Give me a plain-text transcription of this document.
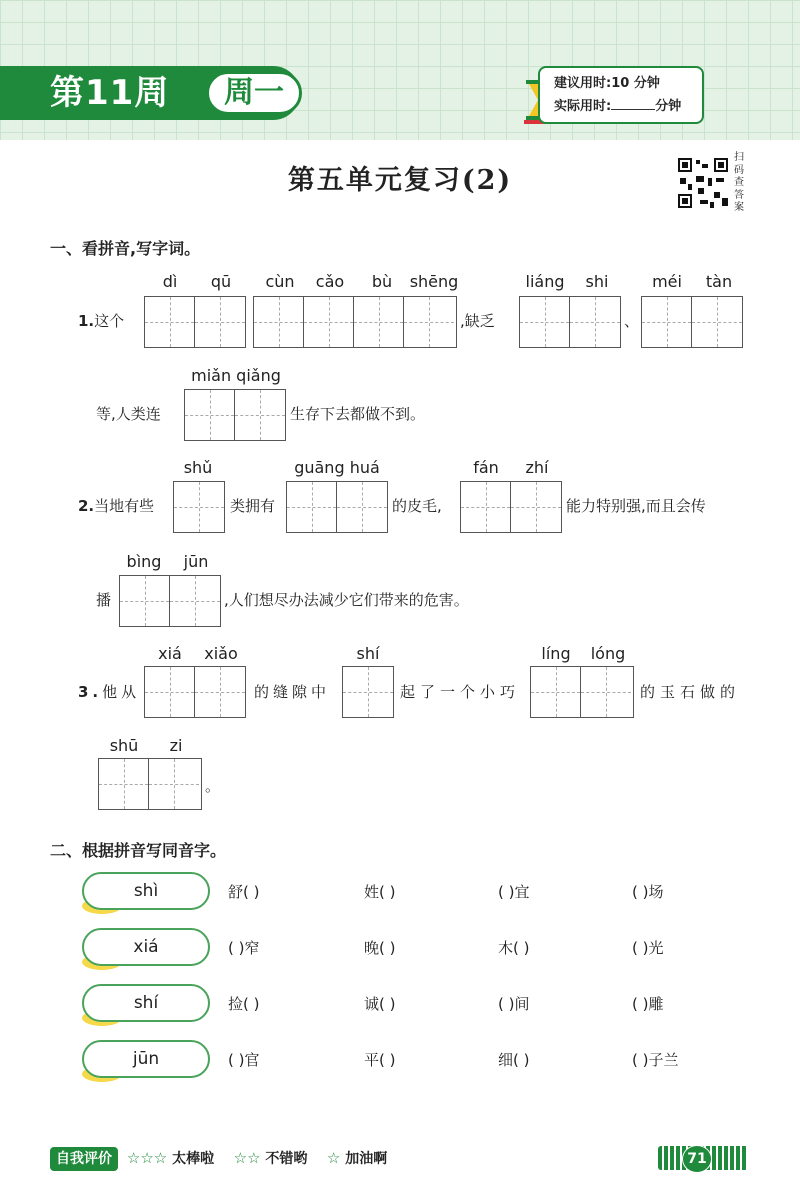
第11周	周一	建议用时:10 分钟
实际用时:	分钟
第五单元复习(2)
扫码查答案
一、看拼音,写字词。
dì	qū	cùn	cǎo	bù	shēng	liáng	shi	méi	tàn
1.这个	,缺乏	、
miǎn qiǎng
等,人类连	生存下去都做不到。
shǔ	guāng huá	fán	zhí
2.当地有些	类拥有	的皮毛,	能力特别强,而且会传
bìng	jūn
播	,人们想尽办法减少它们带来的危害。
xiá	xiǎo	shí	líng	lóng
3.他从	的缝隙中	起了一个小巧	的玉石做的
shū	zi
。
二、根据拼音写同音字。
shì	舒( )	姓( )	( )宜	( )场
xiá	( )窄	晚( )	木( )	( )光
shí	捡( )	诚( )	( )间	( )雕
jūn	( )官	平( )	细( )	( )子兰
自我评价 ☆☆☆ 太棒啦 ☆☆ 不错哟 ☆ 加油啊	71
